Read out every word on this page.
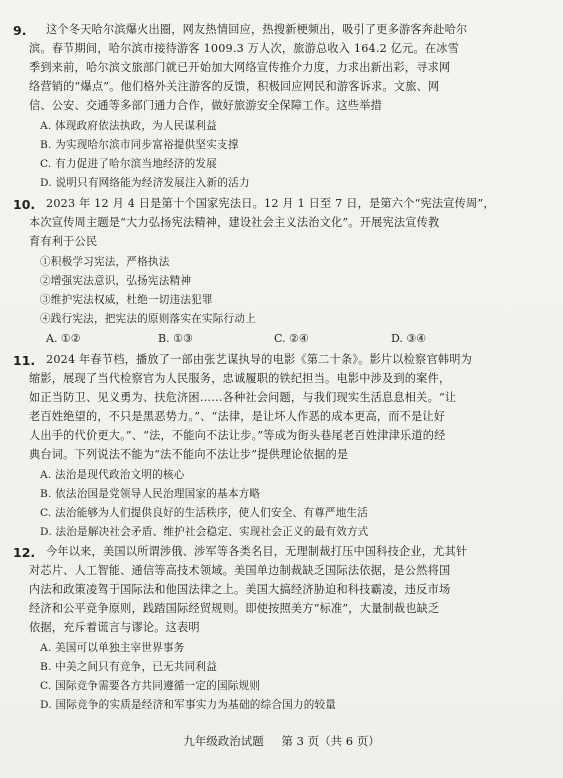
9. 这个冬天哈尔滨爆火出圈，网友热情回应，热搜新梗频出，吸引了更多游客奔赴哈尔
滨。春节期间，哈尔滨市接待游客 1009.3 万人次，旅游总收入 164.2 亿元。在冰雪
季到来前，哈尔滨文旅部门就已开始加大网络宣传推介力度，力求出新出彩，寻求网
络营销的“爆点”。他们格外关注游客的反馈，积极回应网民和游客诉求。文旅、网
信、公安、交通等多部门通力合作，做好旅游安全保障工作。这些举措
A. 体现政府依法执政，为人民谋利益
B. 为实现哈尔滨市同步富裕提供坚实支撑
C. 有力促进了哈尔滨当地经济的发展
D. 说明只有网络能为经济发展注入新的活力
10. 2023 年 12 月 4 日是第十个国家宪法日。12 月 1 日至 7 日，是第六个“宪法宣传周”，
本次宣传周主题是“大力弘扬宪法精神，建设社会主义法治文化”。开展宪法宣传教
育有利于公民
①积极学习宪法，严格执法
②增强宪法意识，弘扬宪法精神
③维护宪法权威，杜绝一切违法犯罪
④践行宪法，把宪法的原则落实在实际行动上
A. ①②	B. ①③	C. ②④	D. ③④
11. 2024 年春节档，播放了一部由张艺谋执导的电影《第二十条》。影片以检察官韩明为
缩影，展现了当代检察官为人民服务，忠诚履职的铁纪担当。电影中涉及到的案件，
如正当防卫、见义勇为、扶危济困……各种社会问题，与我们现实生活息息相关。“让
老百姓绝望的，不只是黑恶势力。”、“法律，是让坏人作恶的成本更高，而不是让好
人出手的代价更大。”、“法，不能向不法让步。”等成为街头巷尾老百姓津津乐道的经
典台词。下列说法不能为“法不能向不法让步”提供理论依据的是
A. 法治是现代政治文明的核心
B. 依法治国是党领导人民治理国家的基本方略
C. 法治能够为人们提供良好的生活秩序，使人们安全、有尊严地生活
D. 法治是解决社会矛盾、维护社会稳定、实现社会正义的最有效方式
12. 今年以来，美国以所谓涉俄、涉军等各类名目，无理制裁打压中国科技企业，尤其针
对芯片、人工智能、通信等高技术领域。美国单边制裁缺乏国际法依据，是公然将国
内法和政策凌驾于国际法和他国法律之上。美国大搞经济胁迫和科技霸凌，违反市场
经济和公平竞争原则，践踏国际经贸规则。即使按照美方“标准”，大量制裁也缺乏
依据，充斥着谎言与谬论。这表明
A. 美国可以单独主宰世界事务
B. 中美之间只有竞争，已无共同利益
C. 国际竞争需要各方共同遵循一定的国际规则
D. 国际竞争的实质是经济和军事实力为基础的综合国力的较量
九年级政治试题 第 3 页（共 6 页）
